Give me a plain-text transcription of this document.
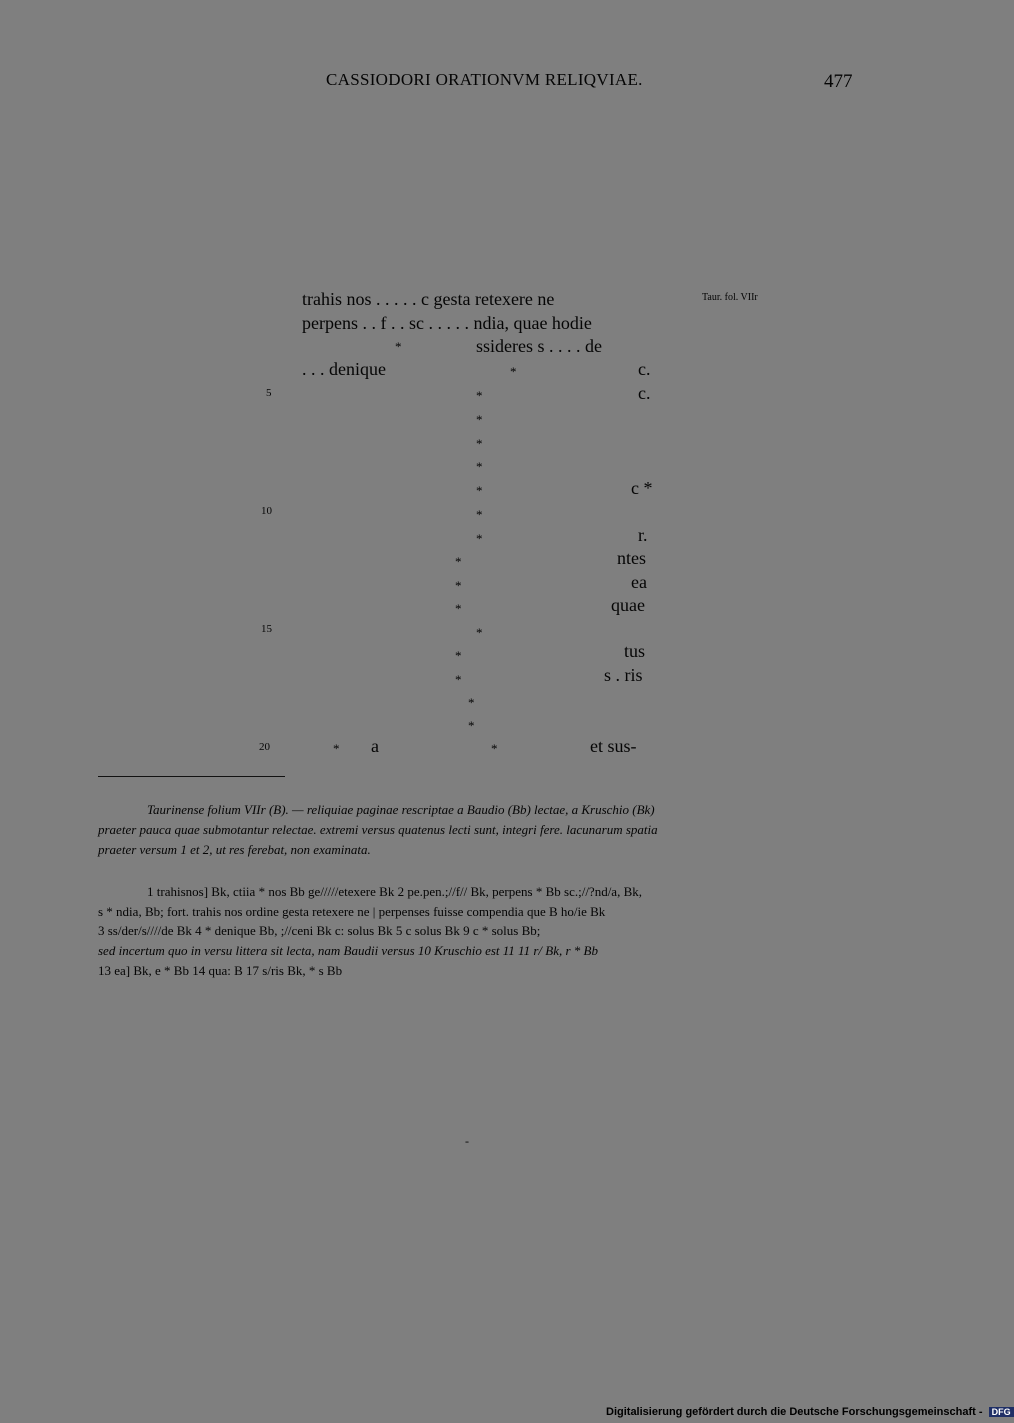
CASSIODORI ORATIONVM RELIQVIAE.	477
Taur. fol. VIIr
trahis nos . . . . . c gesta retexere ne
perpens . . f . . sc . . . . . ndia, quae hodie
*	ssideres s . . . . de
. . . denique	*	c.
5	*	c.
*
*
*
*	c *
10	*
*	r.
*	ntes
*	ea
*	quae
15	*
*	tus
*	s . ris
*
*
20	* a	*	et sus-
Taurinense folium VIIr (B). — reliquiae paginae rescriptae a Baudio (Bb) lectae, a Kruschio (Bk)
praeter pauca quae submotantur relectae. extremi versus quatenus lecti sunt, integri fere. lacunarum spatia
praeter versum 1 et 2, ut res ferebat, non examinata.
1 trahisnos] Bk, ctiia * nos Bb ge/////etexere Bk 2 pe.pen.;//f// Bk, perpens * Bb sc.;//?nd/a, Bk,
s * ndia, Bb; fort. trahis nos ordine gesta retexere ne | perpenses fuisse compendia que B ho/ie Bk
3 ss/der/s////de Bk 4 * denique Bb, ;//ceni Bk c: solus Bk 5 c solus Bk 9 c * solus Bb;
sed incertum quo in versu littera sit lecta, nam Baudii versus 10 Kruschio est 11 11 r/ Bk, r * Bb
13 ea] Bk, e * Bb 14 qua: B 17 s/ris Bk, * s Bb
-
Digitalisierung gefördert durch die Deutsche Forschungsgemeinschaft - DFG
